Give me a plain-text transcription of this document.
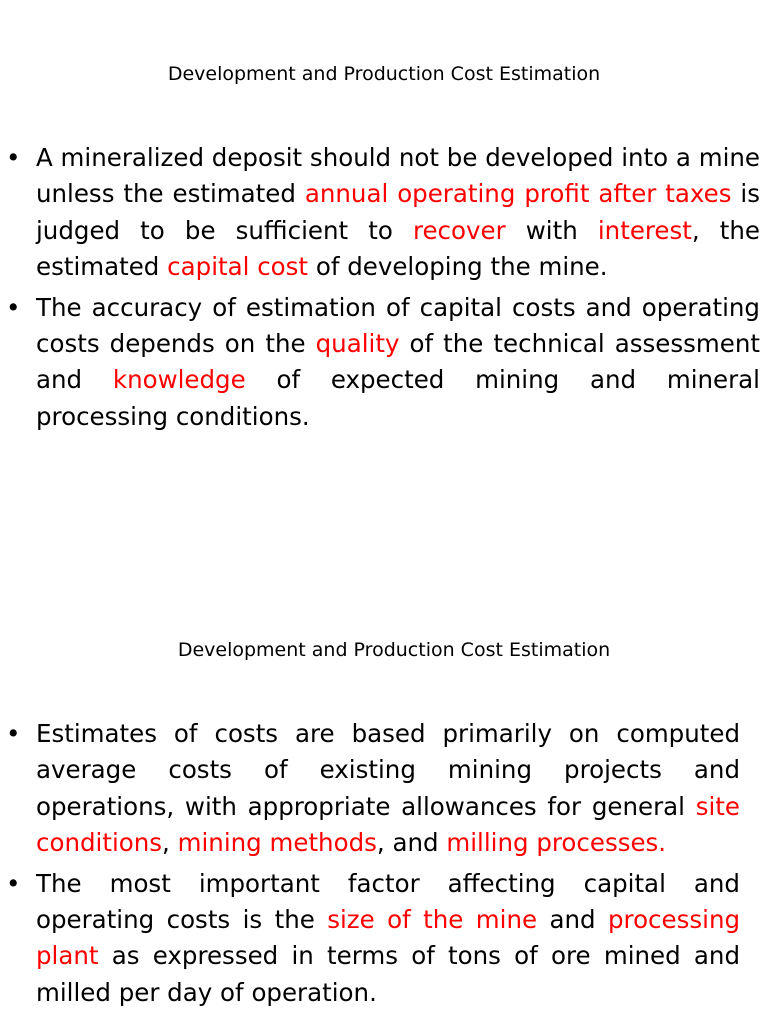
Development and Production Cost Estimation
• A mineralized deposit should not be developed into a mine unless the estimated annual operating profit after taxes is judged to be sufficient to recover with interest, the estimated capital cost of developing the mine.
• The accuracy of estimation of capital costs and operating costs depends on the quality of the technical assessment and knowledge of expected mining and mineral processing conditions.
Development and Production Cost Estimation
• Estimates of costs are based primarily on computed average costs of existing mining projects and operations, with appropriate allowances for general site conditions, mining methods, and milling processes.
• The most important factor affecting capital and operating costs is the size of the mine and processing plant as expressed in terms of tons of ore mined and milled per day of operation.
